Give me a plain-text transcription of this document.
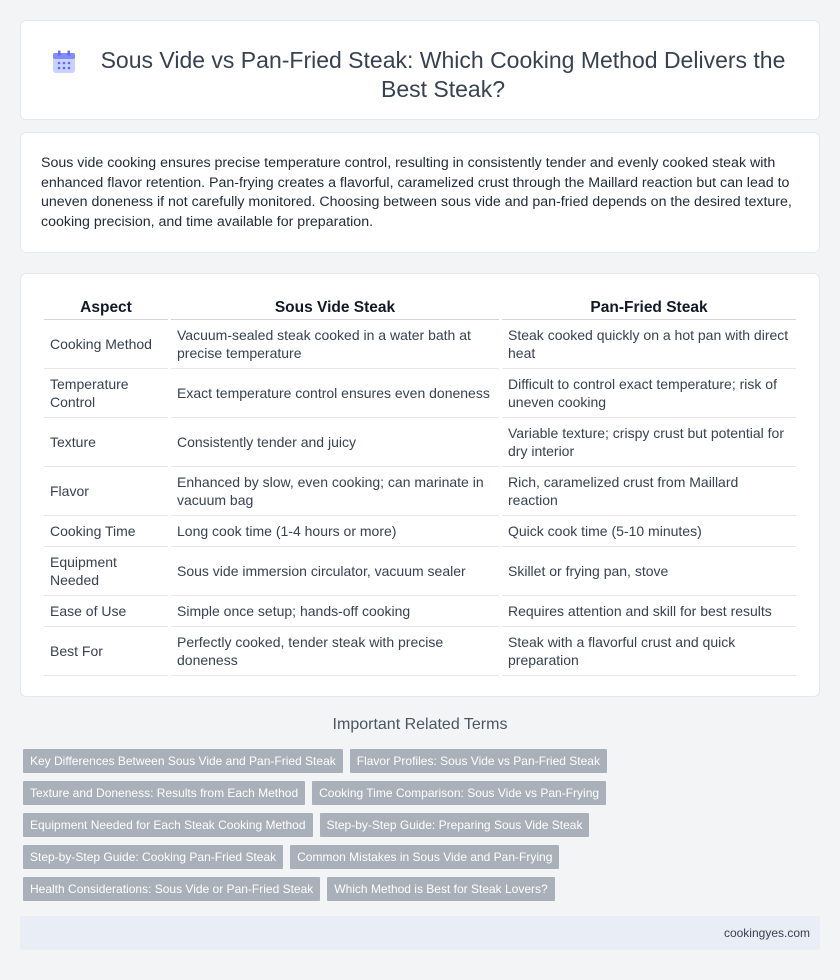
Sous Vide vs Pan-Fried Steak: Which Cooking Method Delivers the Best Steak?

Sous vide cooking ensures precise temperature control, resulting in consistently tender and evenly cooked steak with enhanced flavor retention. Pan-frying creates a flavorful, caramelized crust through the Maillard reaction but can lead to uneven doneness if not carefully monitored. Choosing between sous vide and pan-fried depends on the desired texture, cooking precision, and time available for preparation.

Aspect	Sous Vide Steak	Pan-Fried Steak
Cooking Method	Vacuum-sealed steak cooked in a water bath at precise temperature	Steak cooked quickly on a hot pan with direct heat
Temperature Control	Exact temperature control ensures even doneness	Difficult to control exact temperature; risk of uneven cooking
Texture	Consistently tender and juicy	Variable texture; crispy crust but potential for dry interior
Flavor	Enhanced by slow, even cooking; can marinate in vacuum bag	Rich, caramelized crust from Maillard reaction
Cooking Time	Long cook time (1-4 hours or more)	Quick cook time (5-10 minutes)
Equipment Needed	Sous vide immersion circulator, vacuum sealer	Skillet or frying pan, stove
Ease of Use	Simple once setup; hands-off cooking	Requires attention and skill for best results
Best For	Perfectly cooked, tender steak with precise doneness	Steak with a flavorful crust and quick preparation
Important Related Terms
Key Differences Between Sous Vide and Pan-Fried Steak	Flavor Profiles: Sous Vide vs Pan-Fried Steak
Texture and Doneness: Results from Each Method	Cooking Time Comparison: Sous Vide vs Pan-Frying
Equipment Needed for Each Steak Cooking Method	Step-by-Step Guide: Preparing Sous Vide Steak
Step-by-Step Guide: Cooking Pan-Fried Steak	Common Mistakes in Sous Vide and Pan-Frying
Health Considerations: Sous Vide or Pan-Fried Steak	Which Method is Best for Steak Lovers?
cookingyes.com
